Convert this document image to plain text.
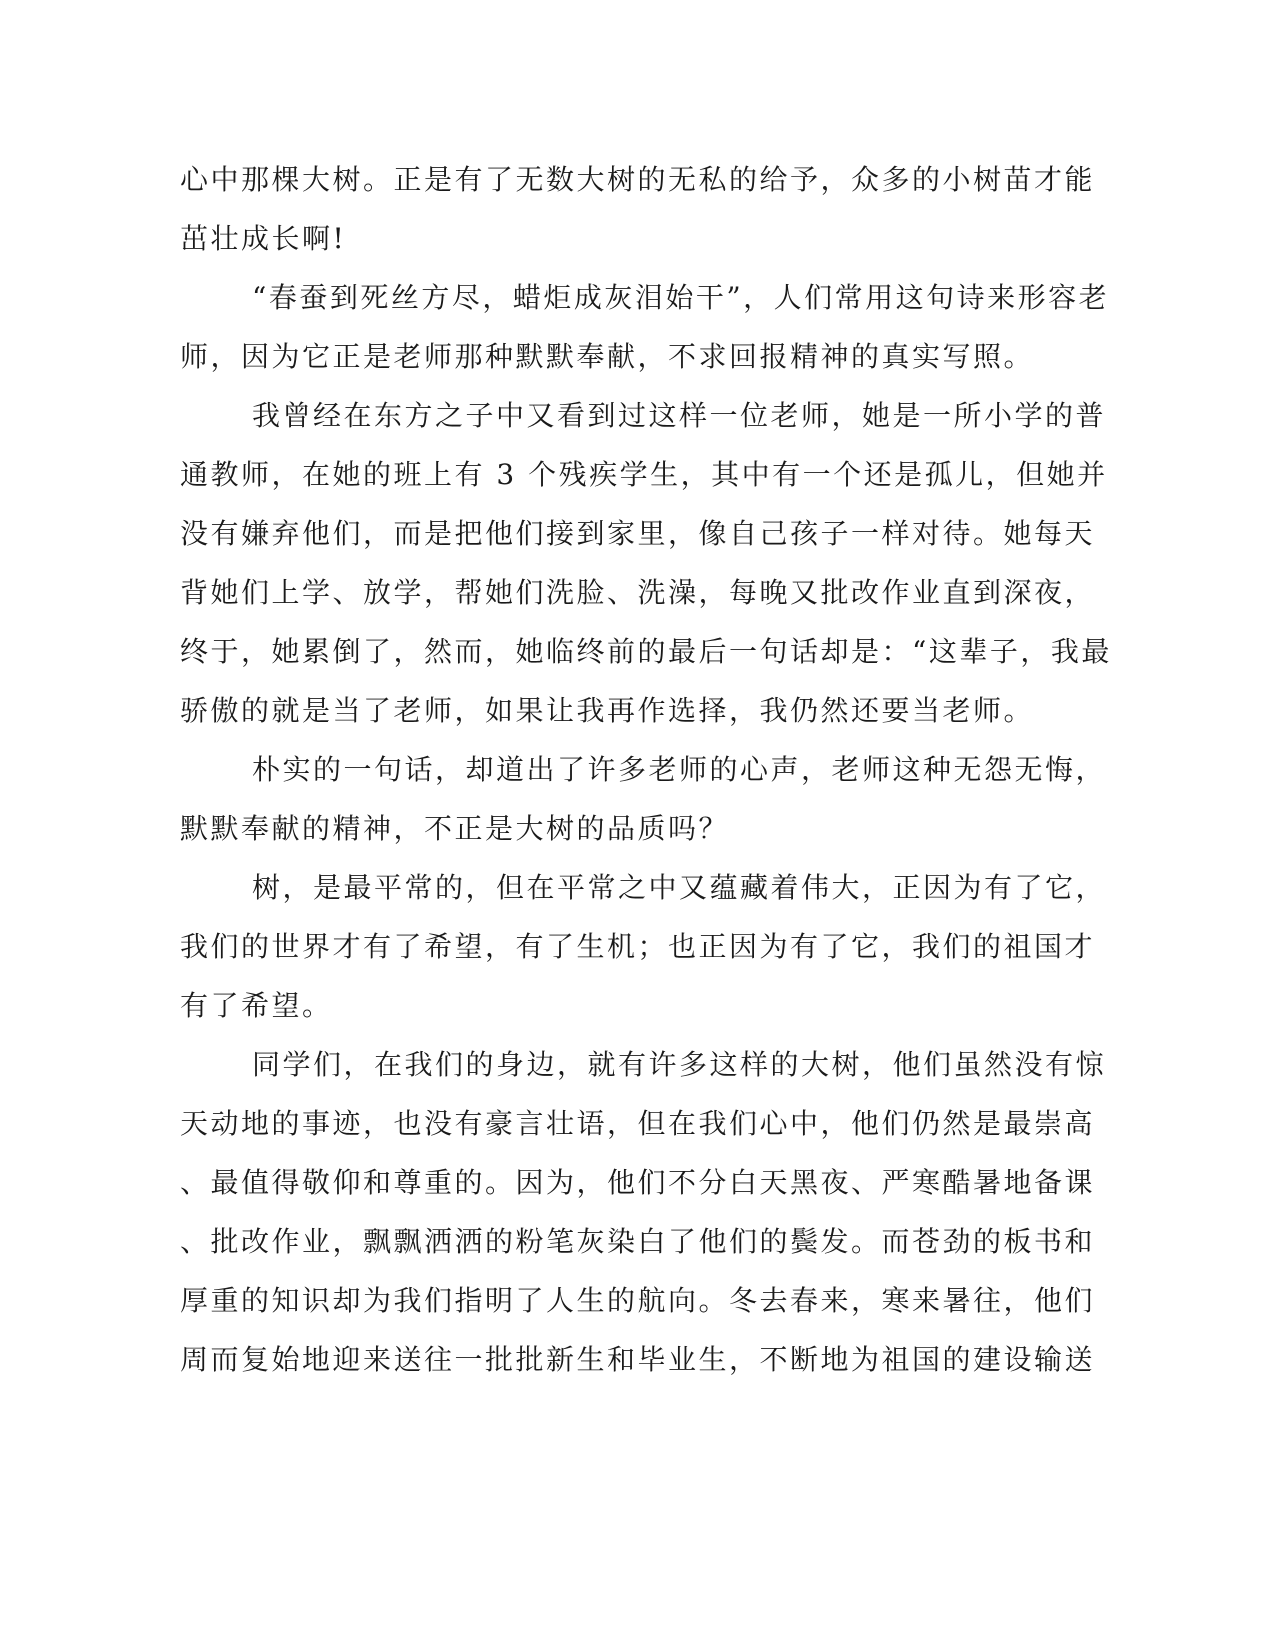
心中那棵大树。正是有了无数大树的无私的给予，众多的小树苗才能
茁壮成长啊!
“春蚕到死丝方尽，蜡炬成灰泪始干”，人们常用这句诗来形容老
师，因为它正是老师那种默默奉献，不求回报精神的真实写照。
我曾经在东方之子中又看到过这样一位老师，她是一所小学的普
通教师，在她的班上有 3 个残疾学生，其中有一个还是孤儿，但她并
没有嫌弃他们，而是把他们接到家里，像自己孩子一样对待。她每天
背她们上学、放学，帮她们洗脸、洗澡，每晚又批改作业直到深夜，
终于，她累倒了，然而，她临终前的最后一句话却是：“这辈子，我最
骄傲的就是当了老师，如果让我再作选择，我仍然还要当老师。
朴实的一句话，却道出了许多老师的心声，老师这种无怨无悔，
默默奉献的精神，不正是大树的品质吗？
树，是最平常的，但在平常之中又蕴藏着伟大，正因为有了它，
我们的世界才有了希望，有了生机；也正因为有了它，我们的祖国才
有了希望。
同学们，在我们的身边，就有许多这样的大树，他们虽然没有惊
天动地的事迹，也没有豪言壮语，但在我们心中，他们仍然是最崇高
、最值得敬仰和尊重的。因为，他们不分白天黑夜、严寒酷暑地备课
、批改作业，飘飘洒洒的粉笔灰染白了他们的鬓发。而苍劲的板书和
厚重的知识却为我们指明了人生的航向。冬去春来，寒来暑往，他们
周而复始地迎来送往一批批新生和毕业生，不断地为祖国的建设输送
